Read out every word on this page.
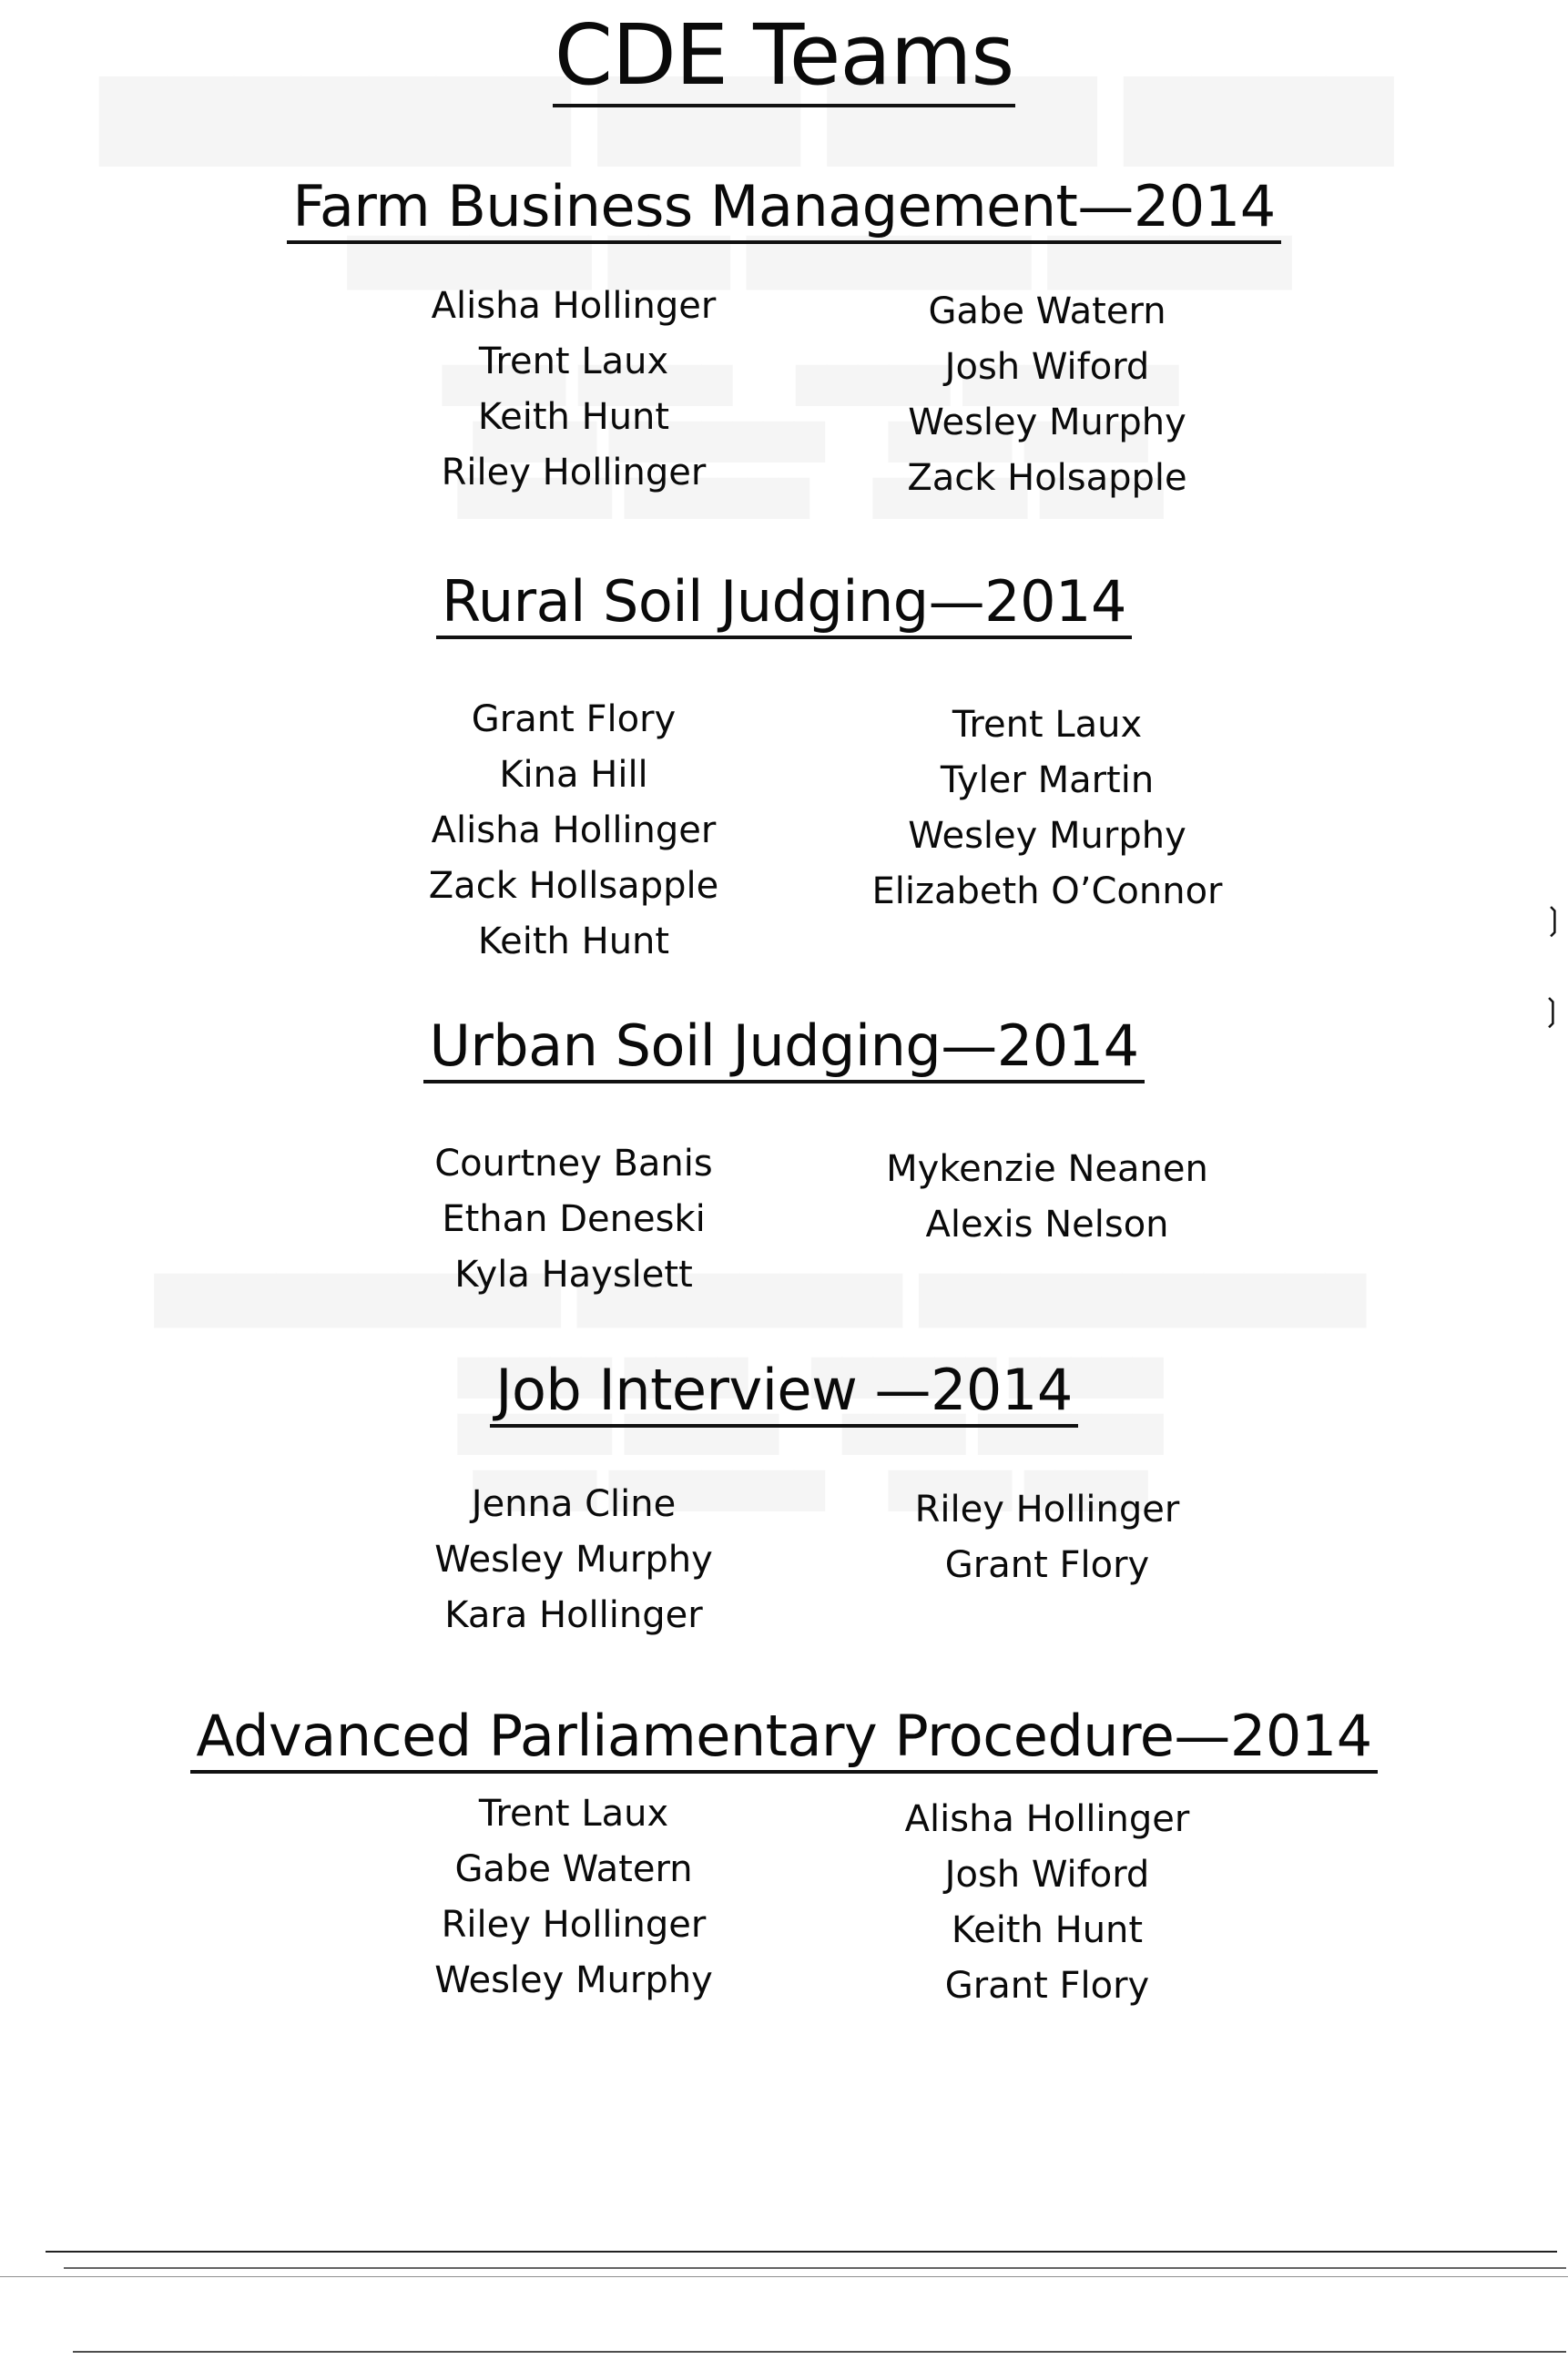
CDE Teams
Farm Business Management—2014
Alisha Hollinger
Trent Laux
Keith Hunt
Riley Hollinger
Gabe Watern
Josh Wiford
Wesley Murphy
Zack Holsapple
Rural Soil Judging—2014
Grant Flory
Kina Hill
Alisha Hollinger
Zack Hollsapple
Keith Hunt
Trent Laux
Tyler Martin
Wesley Murphy
Elizabeth O’Connor
Urban Soil Judging—2014
Courtney Banis
Ethan Deneski
Kyla Hayslett
Mykenzie Neanen
Alexis Nelson
Job Interview —2014
Jenna Cline
Wesley Murphy
Kara Hollinger
Riley Hollinger
Grant Flory
Advanced Parliamentary Procedure—2014
Trent Laux
Gabe Watern
Riley Hollinger
Wesley Murphy
Alisha Hollinger
Josh Wiford
Keith Hunt
Grant Flory
❳
❳
